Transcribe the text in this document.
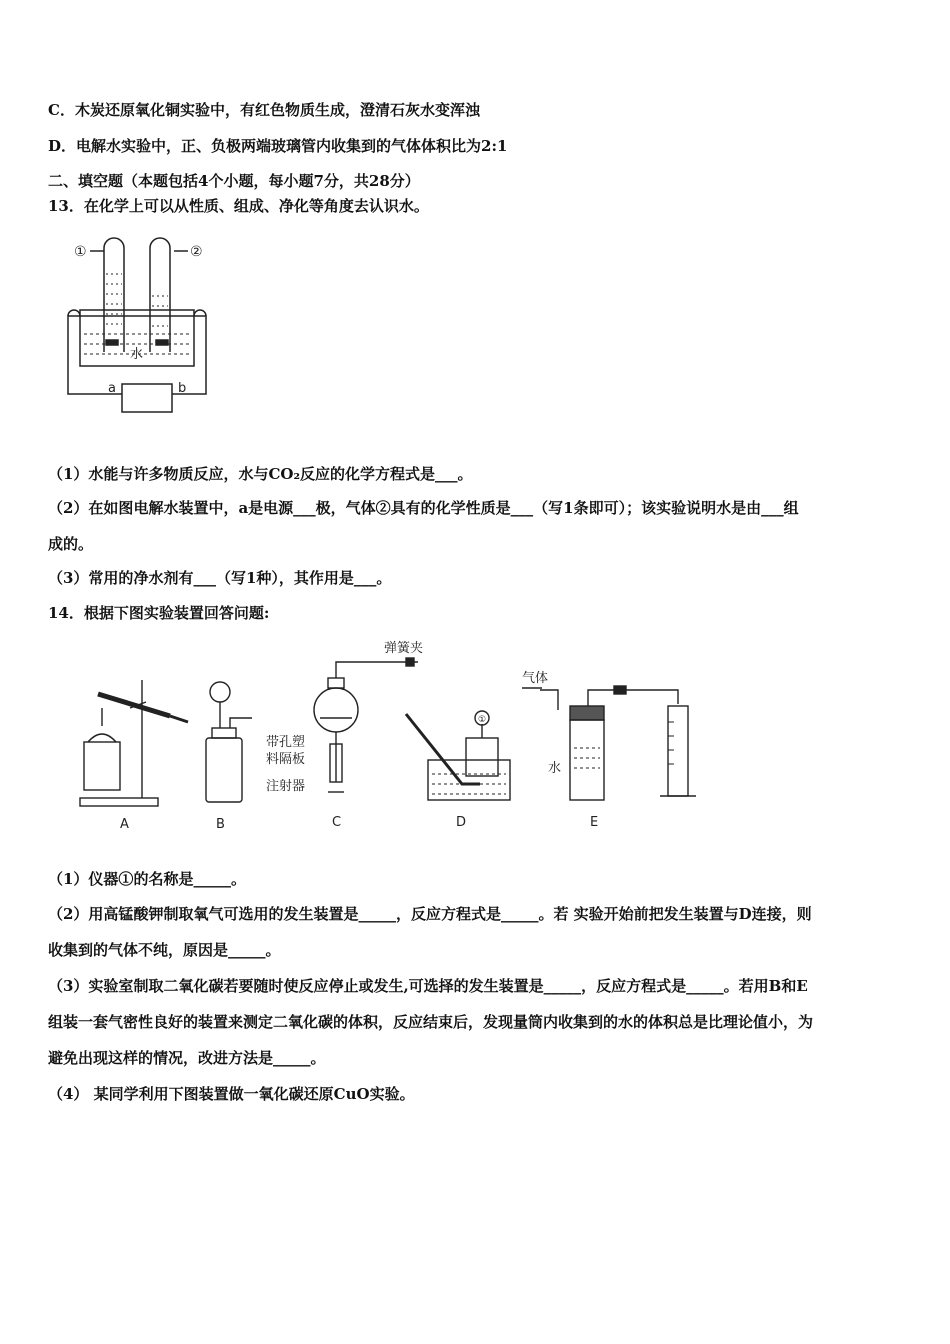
C．木炭还原氧化铜实验中，有红色物质生成，澄清石灰水变浑浊
D．电解水实验中，正、负极两端玻璃管内收集到的气体体积比为2:1
二、填空题（本题包括4个小题，每小题7分，共28分）
13．在化学上可以从性质、组成、净化等角度去认识水。
①	②
水
a	b
（1）水能与许多物质反应，水与CO₂反应的化学方程式是___。
（2）在如图电解水装置中，a是电源___极，气体②具有的化学性质是___（写1条即可）；该实验说明水是由___组
成的。
（3）常用的净水剂有___（写1种），其作用是___。
14．根据下图实验装置回答问题:
A	B
弹簧夹
带孔塑
料隔板
注射器
C
①
D
气体
水
E
（1）仪器①的名称是_____。
（2）用高锰酸钾制取氧气可选用的发生装置是_____，反应方程式是_____。若 实验开始前把发生装置与D连接，则
收集到的气体不纯，原因是_____。
（3）实验室制取二氧化碳若要随时使反应停止或发生,可选择的发生装置是_____，反应方程式是_____。若用B和E
组装一套气密性良好的装置来测定二氧化碳的体积，反应结束后，发现量筒内收集到的水的体积总是比理论值小，为
避免出现这样的情况，改进方法是_____。
（4） 某同学利用下图装置做一氧化碳还原CuO实验。
